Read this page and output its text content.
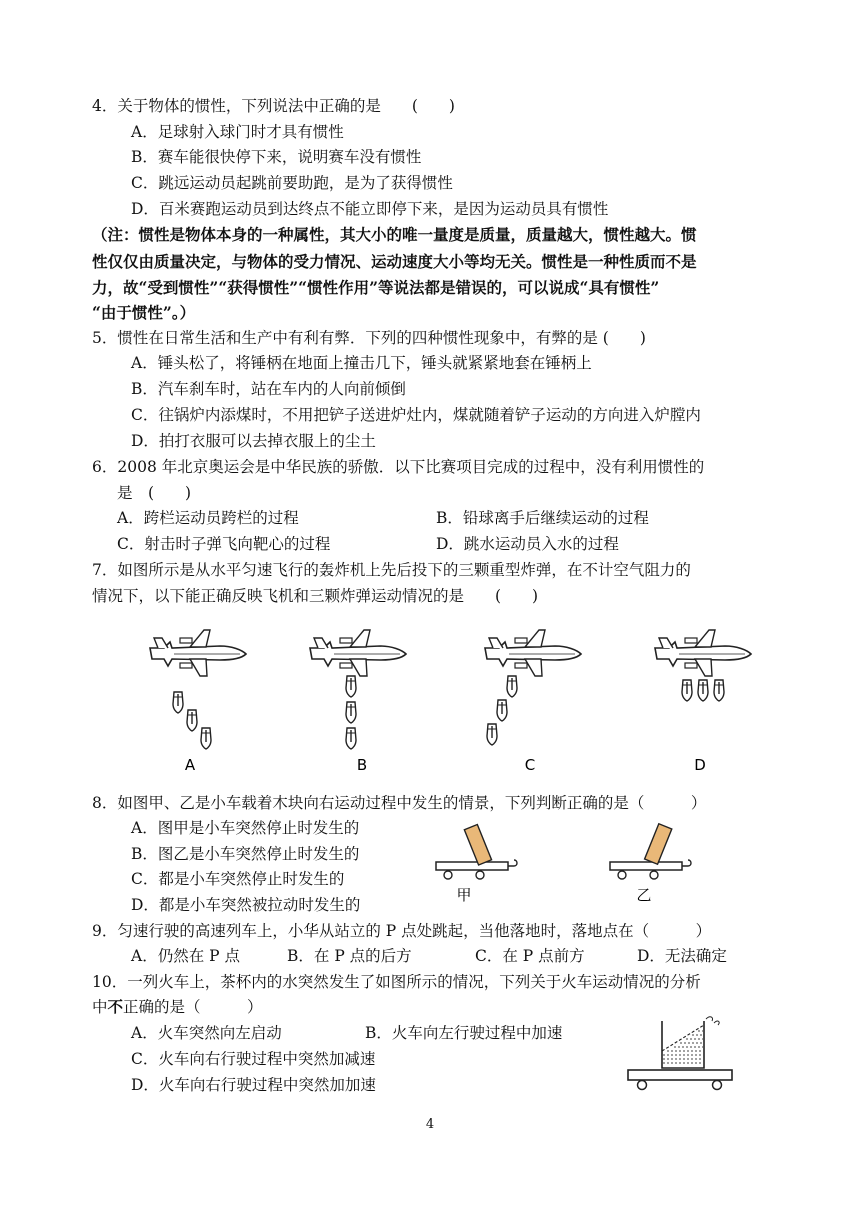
4．关于物体的惯性，下列说法中正确的是　　(　　)
A．足球射入球门时才具有惯性
B．赛车能很快停下来，说明赛车没有惯性
C．跳远运动员起跳前要助跑，是为了获得惯性
D．百米赛跑运动员到达终点不能立即停下来，是因为运动员具有惯性
（注：惯性是物体本身的一种属性，其大小的唯一量度是质量，质量越大，惯性越大。惯
性仅仅由质量决定，与物体的受力情况、运动速度大小等均无关。惯性是一种性质而不是
力，故“受到惯性”“获得惯性”“惯性作用”等说法都是错误的，可以说成“具有惯性”
“由于惯性”。）
5．惯性在日常生活和生产中有利有弊．下列的四种惯性现象中，有弊的是 (　　)
A．锤头松了，将锤柄在地面上撞击几下，锤头就紧紧地套在锤柄上
B．汽车刹车时，站在车内的人向前倾倒
C．往锅炉内添煤时，不用把铲子送进炉灶内，煤就随着铲子运动的方向进入炉膛内
D．拍打衣服可以去掉衣服上的尘土
6．2008 年北京奥运会是中华民族的骄傲．以下比赛项目完成的过程中，没有利用惯性的
是　(　　)
A．跨栏运动员跨栏的过程	B．铅球离手后继续运动的过程
C．射击时子弹飞向靶心的过程	D．跳水运动员入水的过程
7．如图所示是从水平匀速飞行的轰炸机上先后投下的三颗重型炸弹，在不计空气阻力的
情况下，以下能正确反映飞机和三颗炸弹运动情况的是　　(　　)
A	B	C	D
8．如图甲、乙是小车载着木块向右运动过程中发生的情景，下列判断正确的是（　　　）
A．图甲是小车突然停止时发生的
B．图乙是小车突然停止时发生的
C．都是小车突然停止时发生的
D．都是小车突然被拉动时发生的
甲	乙
9．匀速行驶的高速列车上，小华从站立的 P 点处跳起，当他落地时，落地点在（　　　）
A．仍然在 P 点	B．在 P 点的后方	C．在 P 点前方	D．无法确定
10．一列火车上，茶杯内的水突然发生了如图所示的情况，下列关于火车运动情况的分析
中不正确的是（　　　）
A．火车突然向左启动	B．火车向左行驶过程中加速
C．火车向右行驶过程中突然加减速
D．火车向右行驶过程中突然加加速
4
